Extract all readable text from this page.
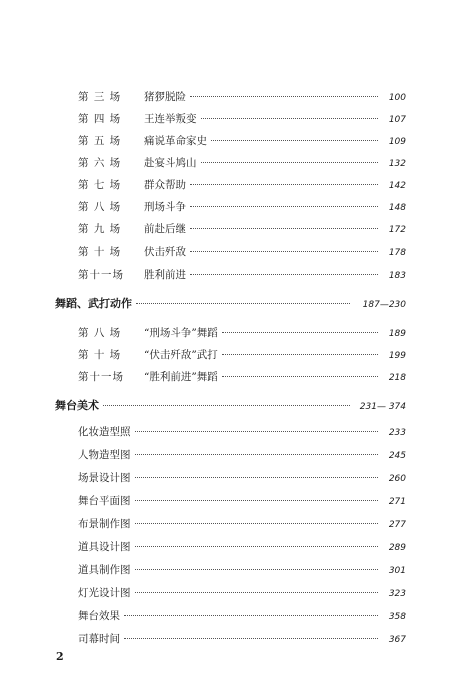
第 三 场	猪猡脱险	100
第 四 场	王连举叛变	107
第 五 场	痛说革命家史	109
第 六 场	赴宴斗鸠山	132
第 七 场	群众帮助	142
第 八 场	刑场斗争	148
第 九 场	前赴后继	172
第 十 场	伏击歼敌	178
第十一场	胜利前进	183
舞蹈、武打动作	187—230
第 八 场	“刑场斗争”舞蹈	189
第 十 场	“伏击歼敌”武打	199
第十一场	“胜利前进”舞蹈	218
舞台美术	231— 374
化妆造型照	233
人物造型图	245
场景设计图	260
舞台平面图	271
布景制作图	277
道具设计图	289
道具制作图	301
灯光设计图	323
舞台效果	358
司幕时间	367
2
